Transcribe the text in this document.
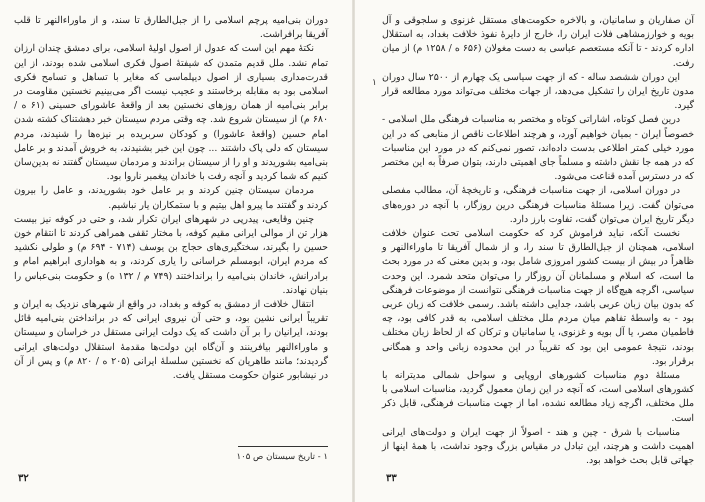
دوران بنی‌امیه پرچم اسلامی را از جبل‌الطارق تا سند، و از ماوراءالنهر تا قلب آفریقا برافراشت.

نکتهٔ مهم این است که عدول از اصول اولیهٔ اسلامی، برای دمشق چندان ارزان تمام نشد. ملل قدیم متمدن که شیفتهٔ اصول فکری اسلامی شده بودند، از این قدرت‌مداری بسیاری از اصول دیپلماسی که مغایر با تساهل و تسامح فکری اسلامی بود به مقابله برخاستند و عجیب نیست اگر می‌بینیم نخستین مقاومت در برابر بنی‌امیه از همان روزهای نخستین بعد از واقعهٔ عاشورای حسینی (۶۱ ه / ۶۸۰ م) از سیستان شروع شد. چه وقتی مردم سیستان خبر دهشتناک کشته شدن امام حسین (واقعهٔ عاشورا) و کودکان سربریده بر نیزه‌ها را شنیدند، مردم سیستان که دلی پاک داشتند ... چون این خبر بشنیدند، به خروش آمدند و بر عامل بنی‌امیه بشوریدند و او را از سیستان براندند و مردمان سیستان گفتند نه بدین‌سان کنیم که شما کردید و آنچه رفت با خاندان پیغمبر ناروا بود.

مردمان سیستان چنین کردند و بر عامل خود بشوریدند، و عامل را بیرون کردند و گفتند ما پیرو اهل بیتیم و با ستمکاران یار نباشیم.

چنین وقایعی، پیدرپی در شهرهای ایران تکرار شد، و حتی در کوفه نیز بیست هزار تن از موالی ایرانی مقیم کوفه، با مختار ثقفی همراهی کردند تا انتقام خون حسین را بگیرند، سختگیری‌های حجاج بن یوسف (۷۱۴ - ۶۹۴ م) و طولی نکشید که مردم ایران، ابومسلم خراسانی را یاری کردند، و به هواداری ابراهیم امام و برادرانش، خاندان بنی‌امیه را برانداختند (۷۴۹ م / ۱۳۲ ه) و حکومت بنی‌عباس را بنیان نهادند.

انتقال خلافت از دمشق به کوفه و بغداد، در واقع از شهرهای نزدیک به ایران و تقریباً ایرانی نشین بود، و حتی آن نیروی ایرانی که در برانداختن بنی‌امیه قائل بودند، ایرانیان را بر آن داشت که یک دولت ایرانی مستقل در خراسان و سیستان و ماوراءالنهر بیافرینند و آن‌گاه این دولت‌ها مقدمهٔ استقلال دولت‌های ایرانی گردیدند؛ مانند طاهریان که نخستین سلسلهٔ ایرانی (۲۰۵ ه / ۸۲۰ م) و پس از آن در نیشابور عنوان حکومت مستقل یافت.

۱ - تاریخ سیستان ص ۱۰۵
۳۲

آن صفاریان و سامانیان، و بالاخره حکومت‌های مستقل غزنوی و سلجوقی و آل بویه و خوارزمشاهی فلات ایران را، خارج از دایرهٔ نفوذ خلافت بغداد، به استقلال اداره کردند - تا آنکه مستعصم عباسی به دست مغولان (۶۵۶ ه / ۱۲۵۸ م) از میان رفت.

این دوران ششصد ساله - که از جهت سیاسی یک چهارم از ۲۵۰۰ سال دوران مدون تاریخ ایران را تشکیل می‌دهد، از جهات مختلف می‌تواند مورد مطالعه قرار گیرد.

درین فصل کوتاه، اشاراتی کوتاه و مختصر به مناسبات فرهنگی ملل اسلامی - خصوصاً ایران - بمیان خواهیم آورد، و هرچند اطلاعات ناقص از منابعی که در این مورد خیلی کمتر اطلاعی بدست داده‌اند، تصور نمی‌کنم که در مورد این مناسبات که در همه جا نقش داشته و مسلماً جای اهمیتی دارند، بتوان صرفاً به این مختصر که در دسترس آمده قناعت می‌شود.

در دوران اسلامی، از جهت مناسبات فرهنگی، و تاریخچهٔ آن، مطالب مفصلی می‌توان گفت. زیرا مسئلهٔ مناسبات فرهنگی درین روزگار، با آنچه در دوره‌های دیگر تاریخ ایران می‌توان گفت، تفاوت بارز دارد.

نخست آنکه، نباید فراموش کرد که حکومت اسلامی تحت عنوان خلافت اسلامی، همچنان از جبل‌الطارق تا سند را، و از شمال آفریقا تا ماوراءالنهر و ظاهراً در بیش از بیست کشور امروزی شامل بود، و بدین معنی که در مورد بحث ما است، که اسلام و مسلمانان آن روزگار را می‌توان متحد شمرد. این وحدت سیاسی، اگرچه هیچ‌گاه از جهت مناسبات فرهنگی نتوانست از موضوعات فرهنگی که بدون بیان زبان عربی باشد، جدایی داشته باشد. رسمی خلافت که زبان عربی بود - به واسطهٔ تفاهم میان مردم ملل مختلف اسلامی، به قدر کافی بود، چه فاطمیان مصر، یا آل بویه و غزنوی، یا سامانیان و ترکان که از لحاظ زبان مختلف بودند، نتیجهٔ عمومی این بود که تقریباً در این محدوده زبانی واحد و همگانی برقرار بود.

مسئلهٔ دوم مناسبات کشورهای اروپایی و سواحل شمالی مدیترانه با کشورهای اسلامی است، که آنچه در این زمان معمول گردید، مناسبات اسلامی با ملل مختلف، اگرچه زیاد مطالعه نشده، اما از جهت مناسبات فرهنگی، قابل ذکر است.

مناسبات با شرق - چین و هند - اصولاً از جهت ایران و دولت‌های ایرانی اهمیت داشت و هرچند، این تبادل در مقیاس بزرگ وجود نداشت، با همهٔ اینها از جهاتی قابل بحث خواهد بود.

۳۳
۱
